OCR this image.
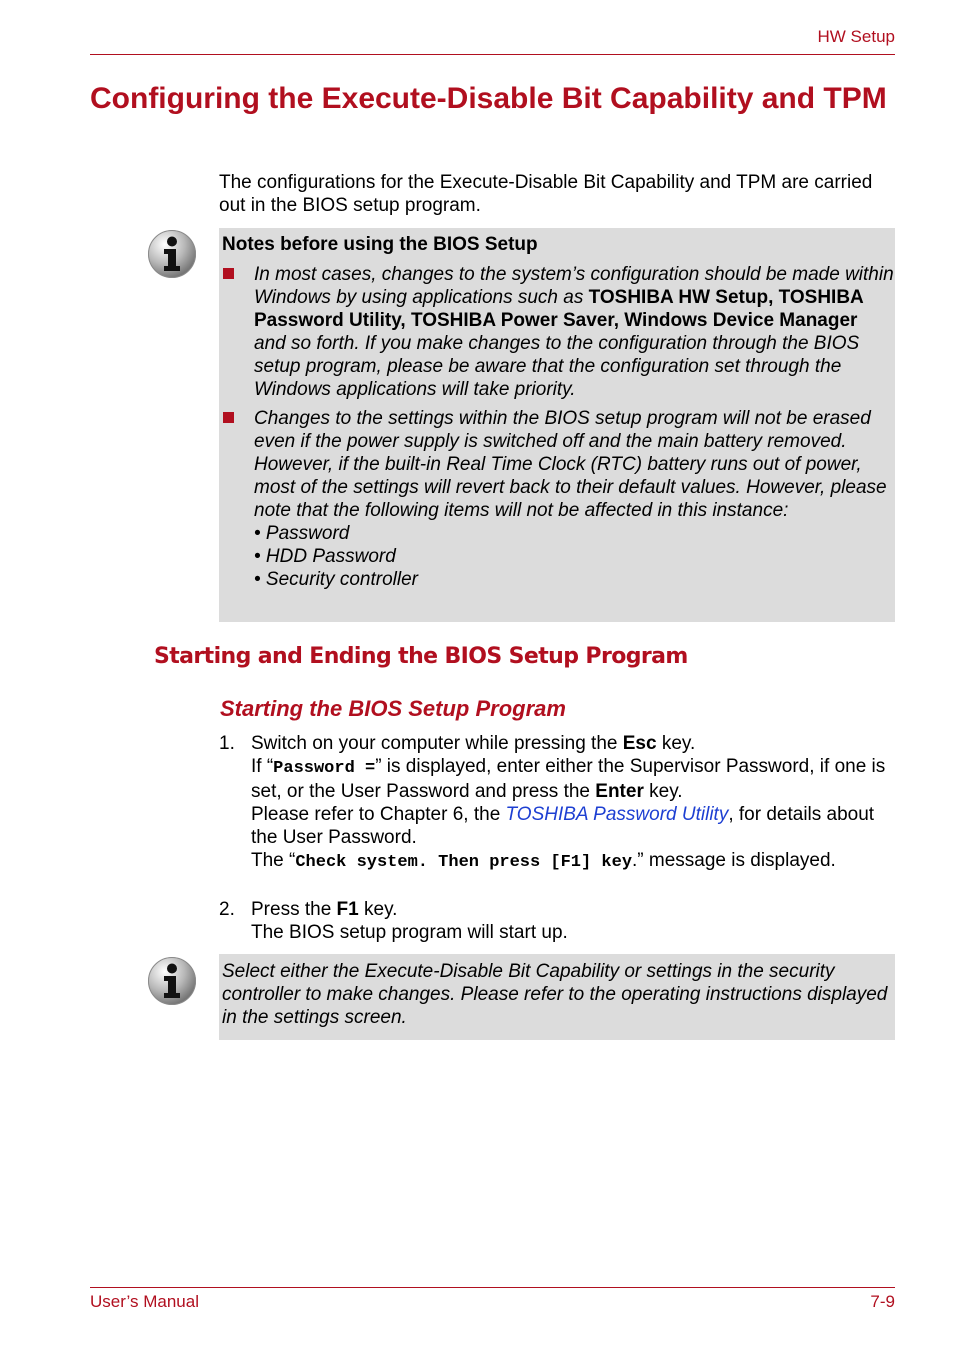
HW Setup
Configuring the Execute-Disable Bit Capability and TPM
The configurations for the Execute-Disable Bit Capability and TPM are carried out in the BIOS setup program.
Notes before using the BIOS Setup
In most cases, changes to the system’s configuration should be made within Windows by using applications such as TOSHIBA HW Setup, TOSHIBA Password Utility, TOSHIBA Power Saver, Windows Device Manager and so forth. If you make changes to the configuration through the BIOS setup program, please be aware that the configuration set through the Windows applications will take priority.
Changes to the settings within the BIOS setup program will not be erased even if the power supply is switched off and the main battery removed. However, if the built-in Real Time Clock (RTC) battery runs out of power, most of the settings will revert back to their default values. However, please note that the following items will not be affected in this instance:
• Password
• HDD Password
• Security controller
Starting and Ending the BIOS Setup Program
Starting the BIOS Setup Program
1. Switch on your computer while pressing the Esc key.
If “Password =” is displayed, enter either the Supervisor Password, if one is set, or the User Password and press the Enter key.
Please refer to Chapter 6, the TOSHIBA Password Utility, for details about the User Password.
The “Check system. Then press [F1] key.” message is displayed.
2. Press the F1 key.
The BIOS setup program will start up.
Select either the Execute-Disable Bit Capability or settings in the security controller to make changes. Please refer to the operating instructions displayed in the settings screen.
User’s Manual	7-9
